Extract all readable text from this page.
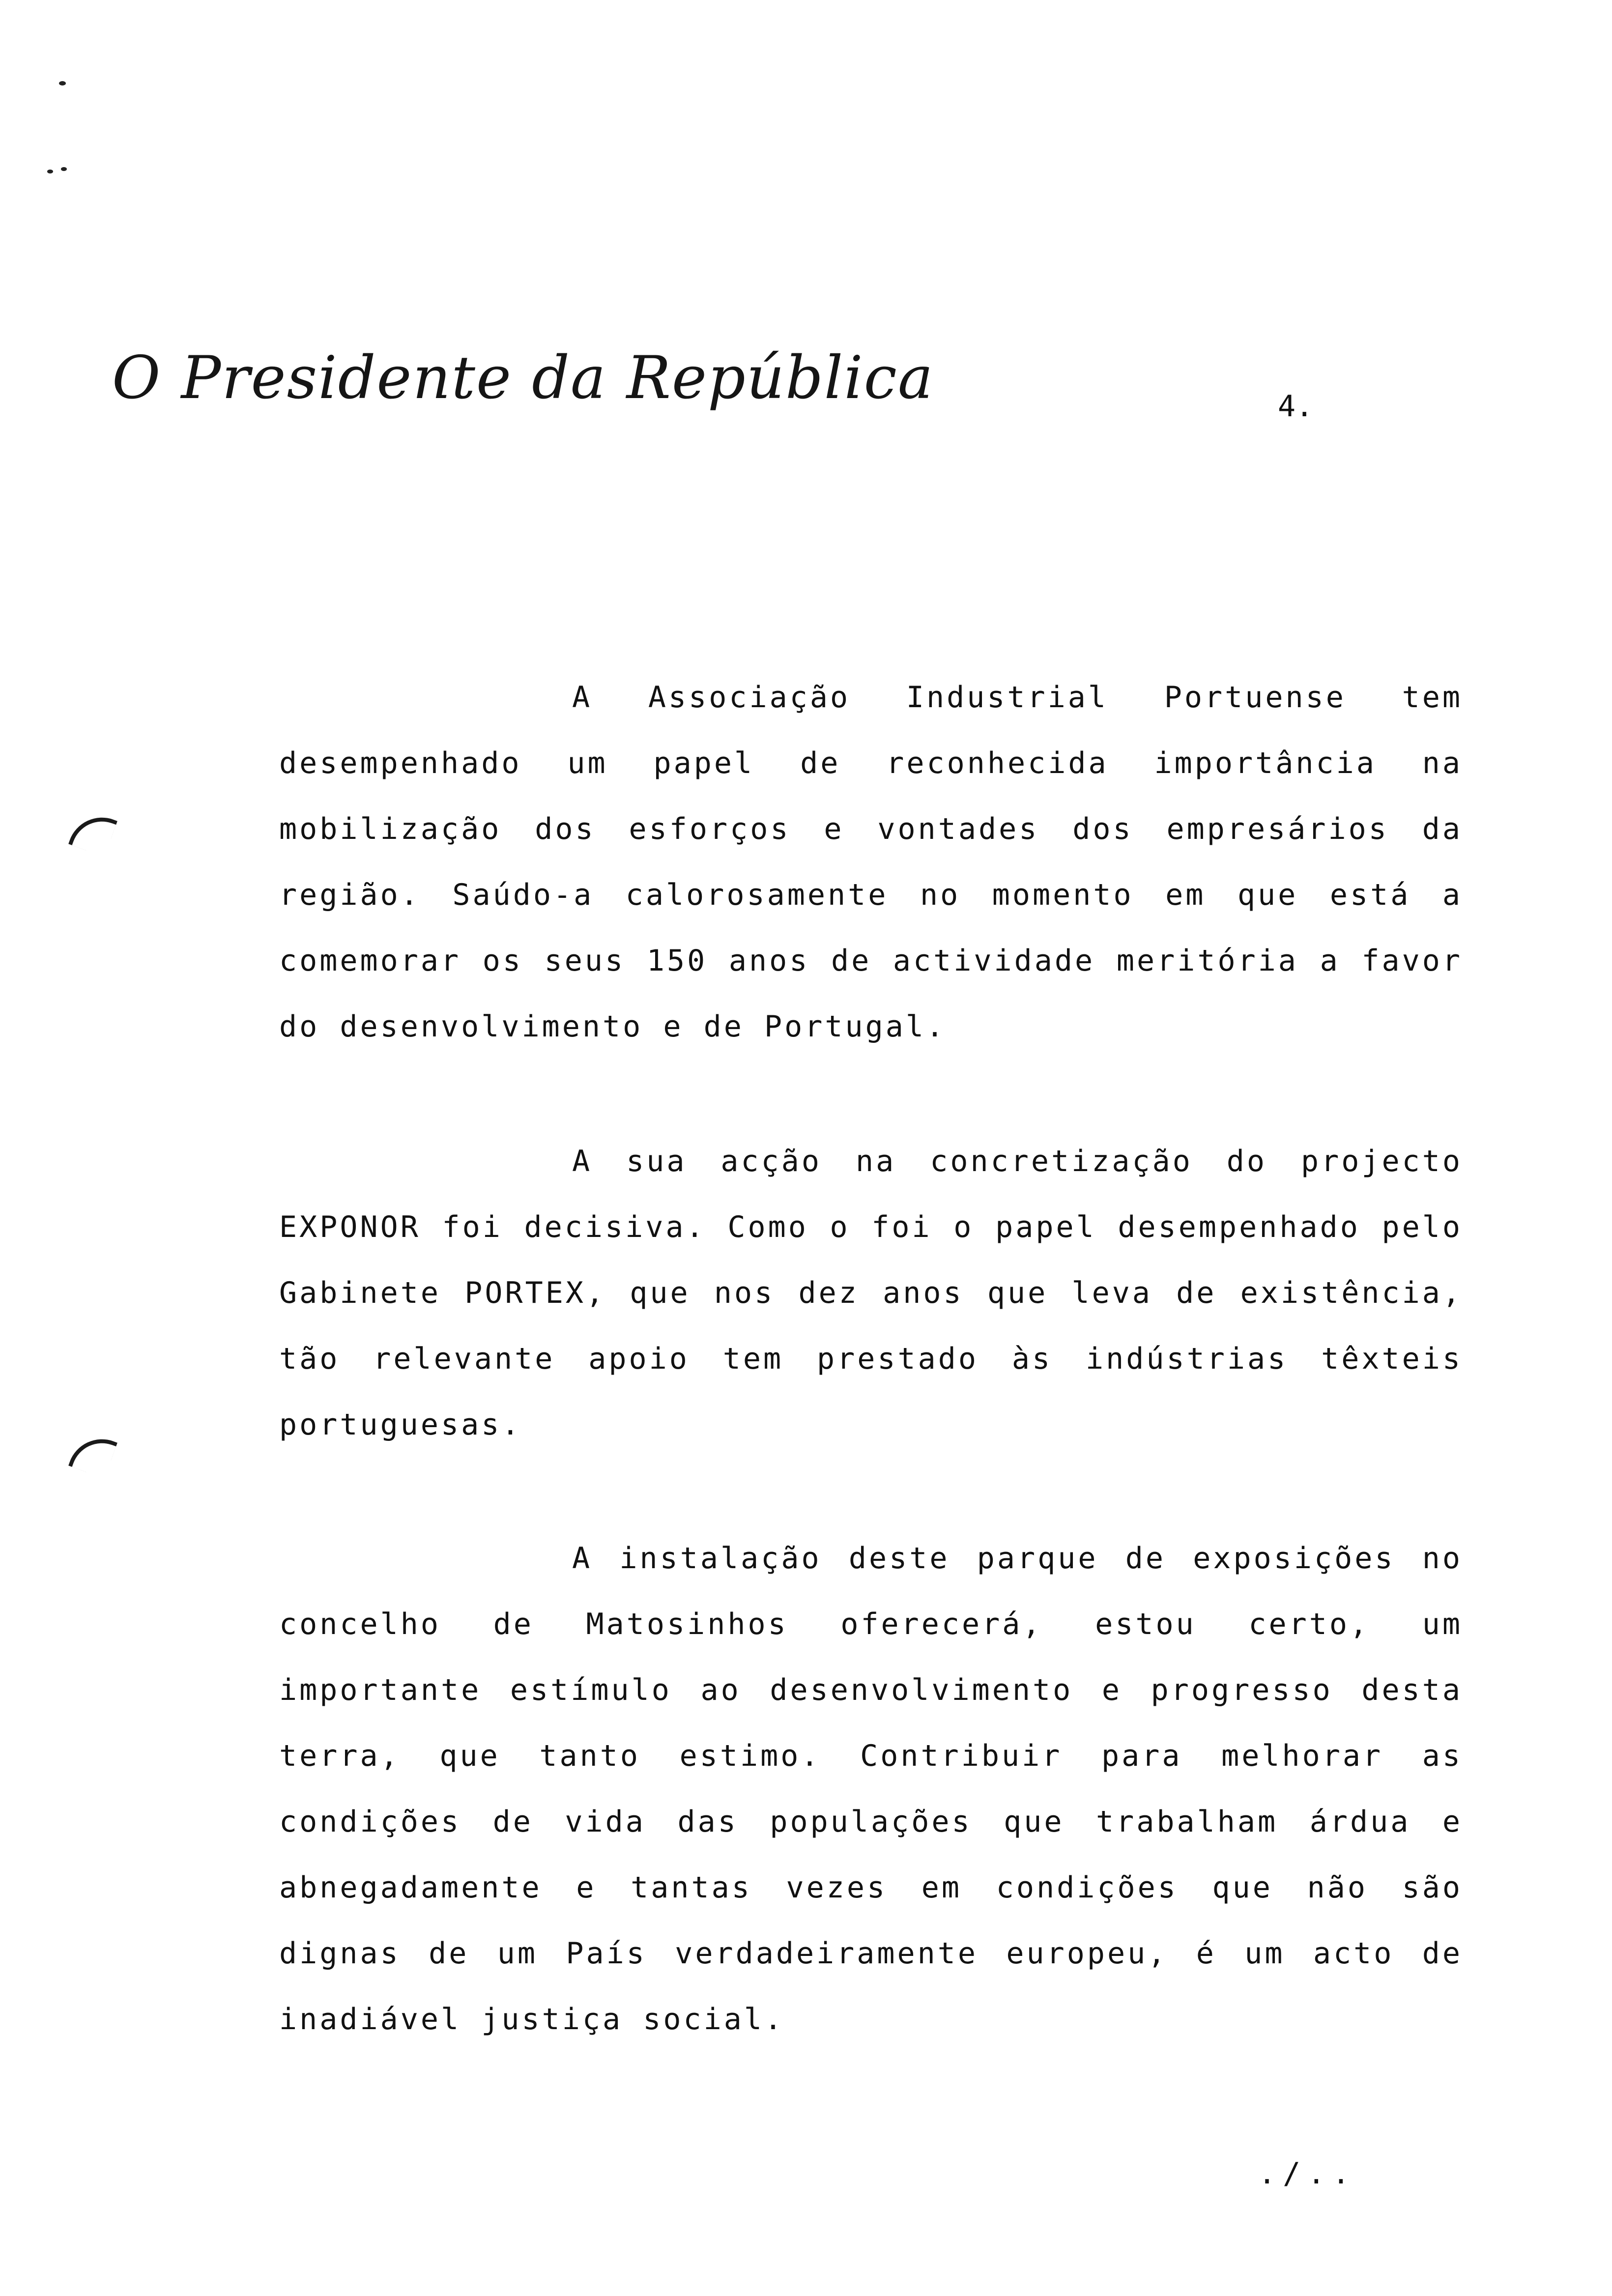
O Presidente da República	4.

A Associação Industrial Portuense tem desempenhado um papel de reconhecida importância na mobilização dos esforços e vontades dos empresários da região. Saúdo-a calorosamente no momento em que está a comemorar os seus 150 anos de actividade meritória a favor do desenvolvimento e de Portugal.

A sua acção na concretização do projecto EXPONOR foi decisiva. Como o foi o papel desempenhado pelo Gabinete PORTEX, que nos dez anos que leva de existência, tão relevante apoio tem prestado às indústrias têxteis portuguesas.

A instalação deste parque de exposições no concelho de Matosinhos oferecerá, estou certo, um importante estímulo ao desenvolvimento e progresso desta terra, que tanto estimo. Contribuir para melhorar as condições de vida das populações que trabalham árdua e abnegadamente e tantas vezes em condições que não são dignas de um País verdadeiramente europeu, é um acto de inadiável justiça social.

./..
